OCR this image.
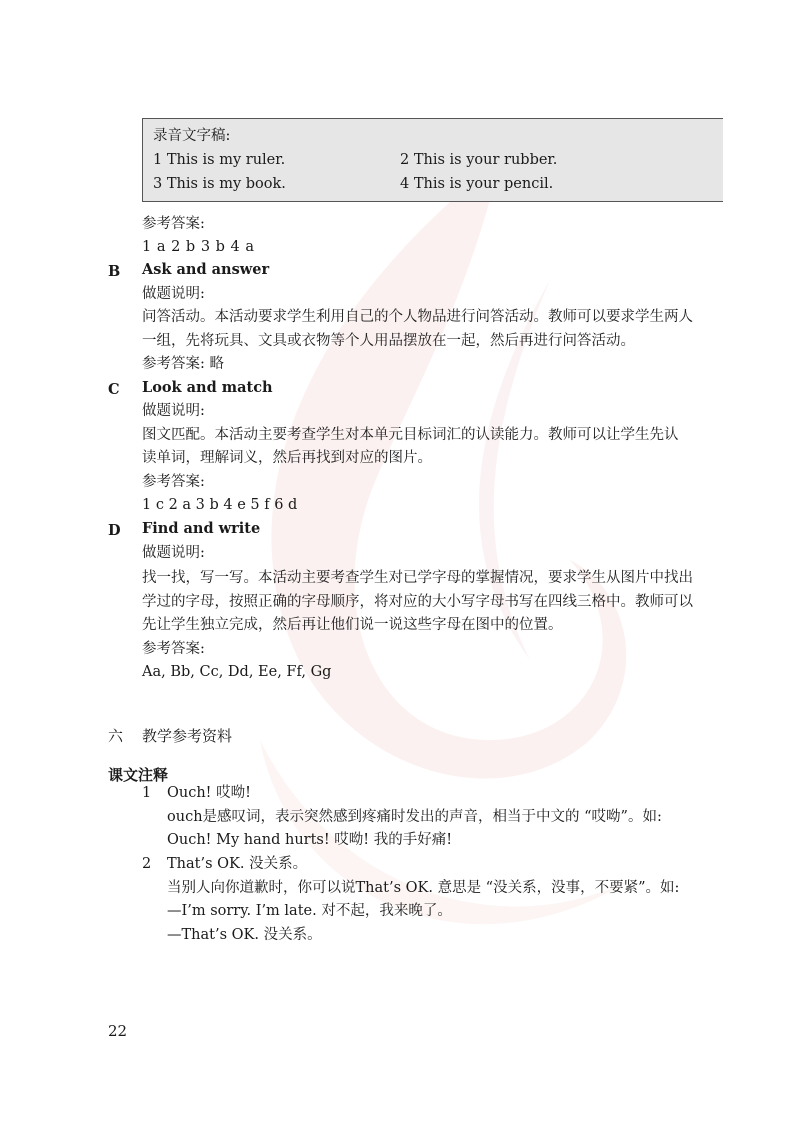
录音文字稿:
1 This is my ruler.	2 This is your rubber.
3 This is my book.	4 This is your pencil.
参考答案:
1 a 2 b 3 b 4 a
B Ask and answer
做题说明:
问答活动。本活动要求学生利用自己的个人物品进行问答活动。教师可以要求学生两人
一组，先将玩具、文具或衣物等个人用品摆放在一起，然后再进行问答活动。
参考答案: 略
C Look and match
做题说明:
图文匹配。本活动主要考查学生对本单元目标词汇的认读能力。教师可以让学生先认
读单词，理解词义，然后再找到对应的图片。
参考答案:
1 c 2 a 3 b 4 e 5 f 6 d
D Find and write
做题说明:
找一找，写一写。本活动主要考查学生对已学字母的掌握情况，要求学生从图片中找出
学过的字母，按照正确的字母顺序，将对应的大小写字母书写在四线三格中。教师可以
先让学生独立完成，然后再让他们说一说这些字母在图中的位置。
参考答案:
Aa, Bb, Cc, Dd, Ee, Ff, Gg
六 教学参考资料
课文注释
1 Ouch! 哎呦!
ouch是感叹词，表示突然感到疼痛时发出的声音，相当于中文的 “哎呦”。如:
Ouch! My hand hurts! 哎呦! 我的手好痛!
2 That’s OK. 没关系。
当别人向你道歉时，你可以说That’s OK. 意思是 “没关系，没事，不要紧”。如:
—I’m sorry. I’m late. 对不起，我来晚了。
—That’s OK. 没关系。
22
